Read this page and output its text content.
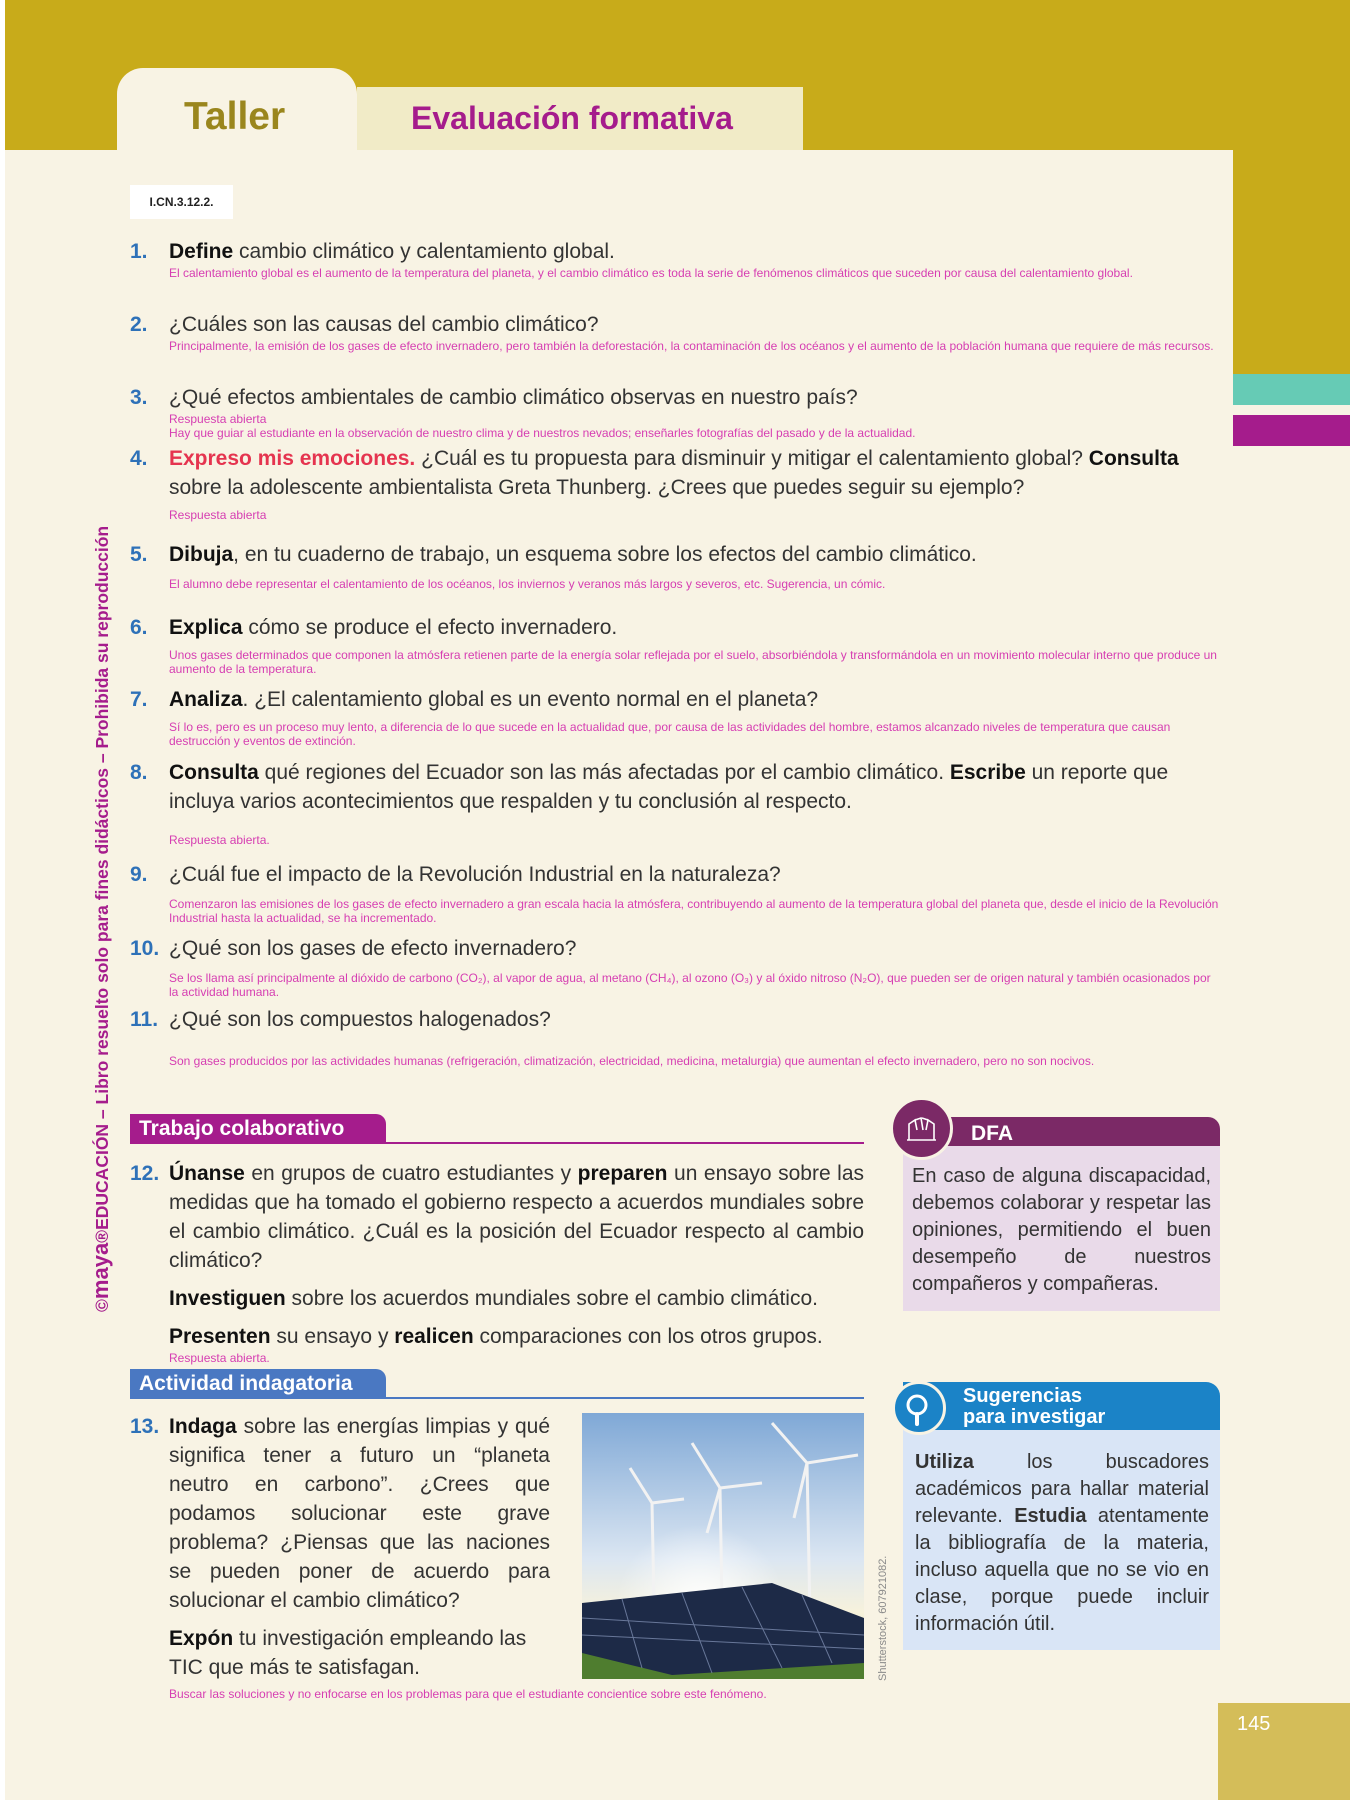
Taller	Evaluación formativa
I.CN.3.12.2.
©maya®EDUCACIÓN – Libro resuelto solo para fines didácticos – Prohibida su reproducción
1.	Define cambio climático y calentamiento global.
El calentamiento global es el aumento de la temperatura del planeta, y el cambio climático es toda la serie de fenómenos climáticos que suceden por causa del calentamiento global.
2.	¿Cuáles son las causas del cambio climático?
Principalmente, la emisión de los gases de efecto invernadero, pero también la deforestación, la contaminación de los océanos y el aumento de la población humana que requiere de más recursos.
3.	¿Qué efectos ambientales de cambio climático observas en nuestro país?
Respuesta abierta
Hay que guiar al estudiante en la observación de nuestro clima y de nuestros nevados; enseñarles fotografías del pasado y de la actualidad.
4.	Expreso mis emociones. ¿Cuál es tu propuesta para disminuir y mitigar el calentamiento global? Consulta sobre la adolescente ambientalista Greta Thunberg. ¿Crees que puedes seguir su ejemplo?
Respuesta abierta
5.	Dibuja, en tu cuaderno de trabajo, un esquema sobre los efectos del cambio climático.
El alumno debe representar el calentamiento de los océanos, los inviernos y veranos más largos y severos, etc. Sugerencia, un cómic.
6.	Explica cómo se produce el efecto invernadero.
Unos gases determinados que componen la atmósfera retienen parte de la energía solar reflejada por el suelo, absorbiéndola y transformándola en un movimiento molecular interno que produce un aumento de la temperatura.
7.	Analiza. ¿El calentamiento global es un evento normal en el planeta?
Sí lo es, pero es un proceso muy lento, a diferencia de lo que sucede en la actualidad que, por causa de las actividades del hombre, estamos alcanzado niveles de temperatura que causan destrucción y eventos de extinción.
8.	Consulta qué regiones del Ecuador son las más afectadas por el cambio climático. Escribe un reporte que incluya varios acontecimientos que respalden y tu conclusión al respecto.
Respuesta abierta.
9.	¿Cuál fue el impacto de la Revolución Industrial en la naturaleza?
Comenzaron las emisiones de los gases de efecto invernadero a gran escala hacia la atmósfera, contribuyendo al aumento de la temperatura global del planeta que, desde el inicio de la Revolución Industrial hasta la actualidad, se ha incrementado.
10. ¿Qué son los gases de efecto invernadero?
Se los llama así principalmente al dióxido de carbono (CO₂), al vapor de agua, al metano (CH₄), al ozono (O₃) y al óxido nitroso (N₂O), que pueden ser de origen natural y también ocasionados por la actividad humana.
11. ¿Qué son los compuestos halogenados?
Son gases producidos por las actividades humanas (refrigeración, climatización, electricidad, medicina, metalurgia) que aumentan el efecto invernadero, pero no son nocivos.
Trabajo colaborativo
12. Únanse en grupos de cuatro estudiantes y preparen un ensayo sobre las medidas que ha tomado el gobierno respecto a acuerdos mundiales sobre el cambio climático. ¿Cuál es la posición del Ecuador respecto al cambio climático?
Investiguen sobre los acuerdos mundiales sobre el cambio climático.
Presenten su ensayo y realicen comparaciones con los otros grupos.
Respuesta abierta.
Actividad indagatoria
13. Indaga sobre las energías limpias y qué significa tener a futuro un “planeta neutro en carbono”. ¿Crees que podamos solucionar este grave problema? ¿Piensas que las naciones se pueden poner de acuerdo para solucionar el cambio climático?
Expón tu investigación empleando las TIC que más te satisfagan.
Buscar las soluciones y no enfocarse en los problemas para que el estudiante concientice sobre este fenómeno.
Shutterstock, 607921082.
DFA
En caso de alguna discapacidad, debemos colaborar y respetar las opiniones, permitiendo el buen desempeño de nuestros compañeros y compañeras.
Sugerencias
para investigar
Utiliza los buscadores académicos para hallar material relevante. Estudia atentamente la bibliografía de la materia, incluso aquella que no se vio en clase, porque puede incluir información útil.
145
